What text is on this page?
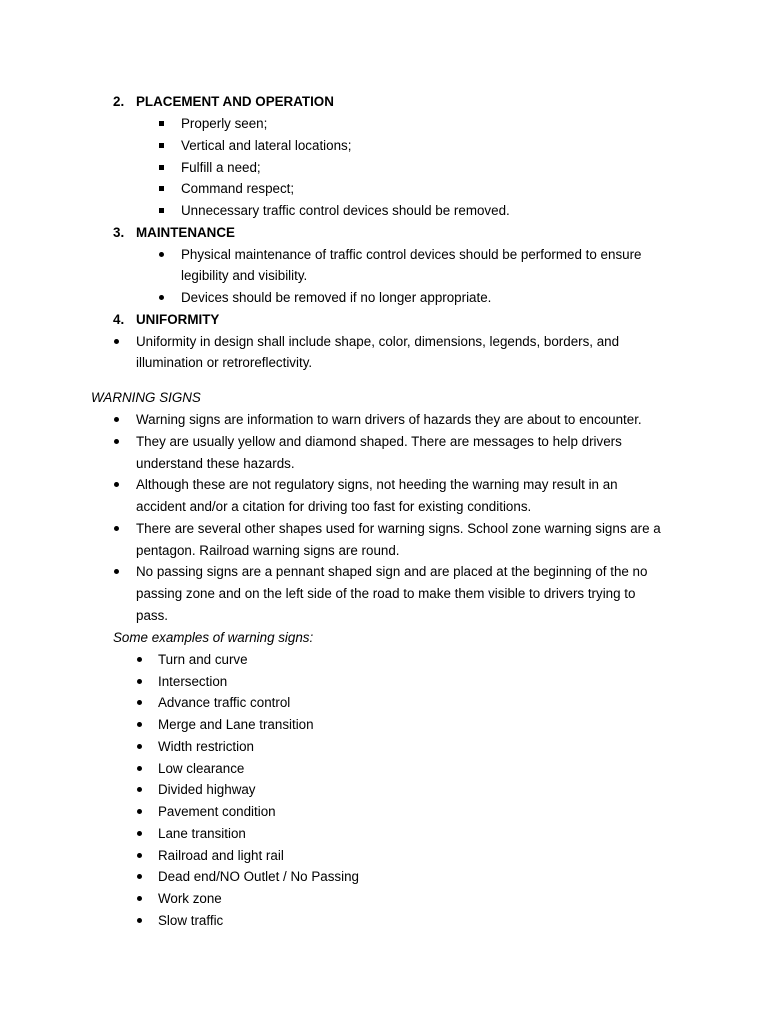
2. PLACEMENT AND OPERATION
Properly seen;
Vertical and lateral locations;
Fulfill a need;
Command respect;
Unnecessary traffic control devices should be removed.
3. MAINTENANCE
Physical maintenance of traffic control devices should be performed to ensure
legibility and visibility.
Devices should be removed if no longer appropriate.
4. UNIFORMITY
Uniformity in design shall include shape, color, dimensions, legends, borders, and
illumination or retroreflectivity.
WARNING SIGNS
Warning signs are information to warn drivers of hazards they are about to encounter.
They are usually yellow and diamond shaped. There are messages to help drivers
understand these hazards.
Although these are not regulatory signs, not heeding the warning may result in an
accident and/or a citation for driving too fast for existing conditions.
There are several other shapes used for warning signs. School zone warning signs are a
pentagon. Railroad warning signs are round.
No passing signs are a pennant shaped sign and are placed at the beginning of the no
passing zone and on the left side of the road to make them visible to drivers trying to
pass.
Some examples of warning signs:
Turn and curve
Intersection
Advance traffic control
Merge and Lane transition
Width restriction
Low clearance
Divided highway
Pavement condition
Lane transition
Railroad and light rail
Dead end/NO Outlet / No Passing
Work zone
Slow traffic
